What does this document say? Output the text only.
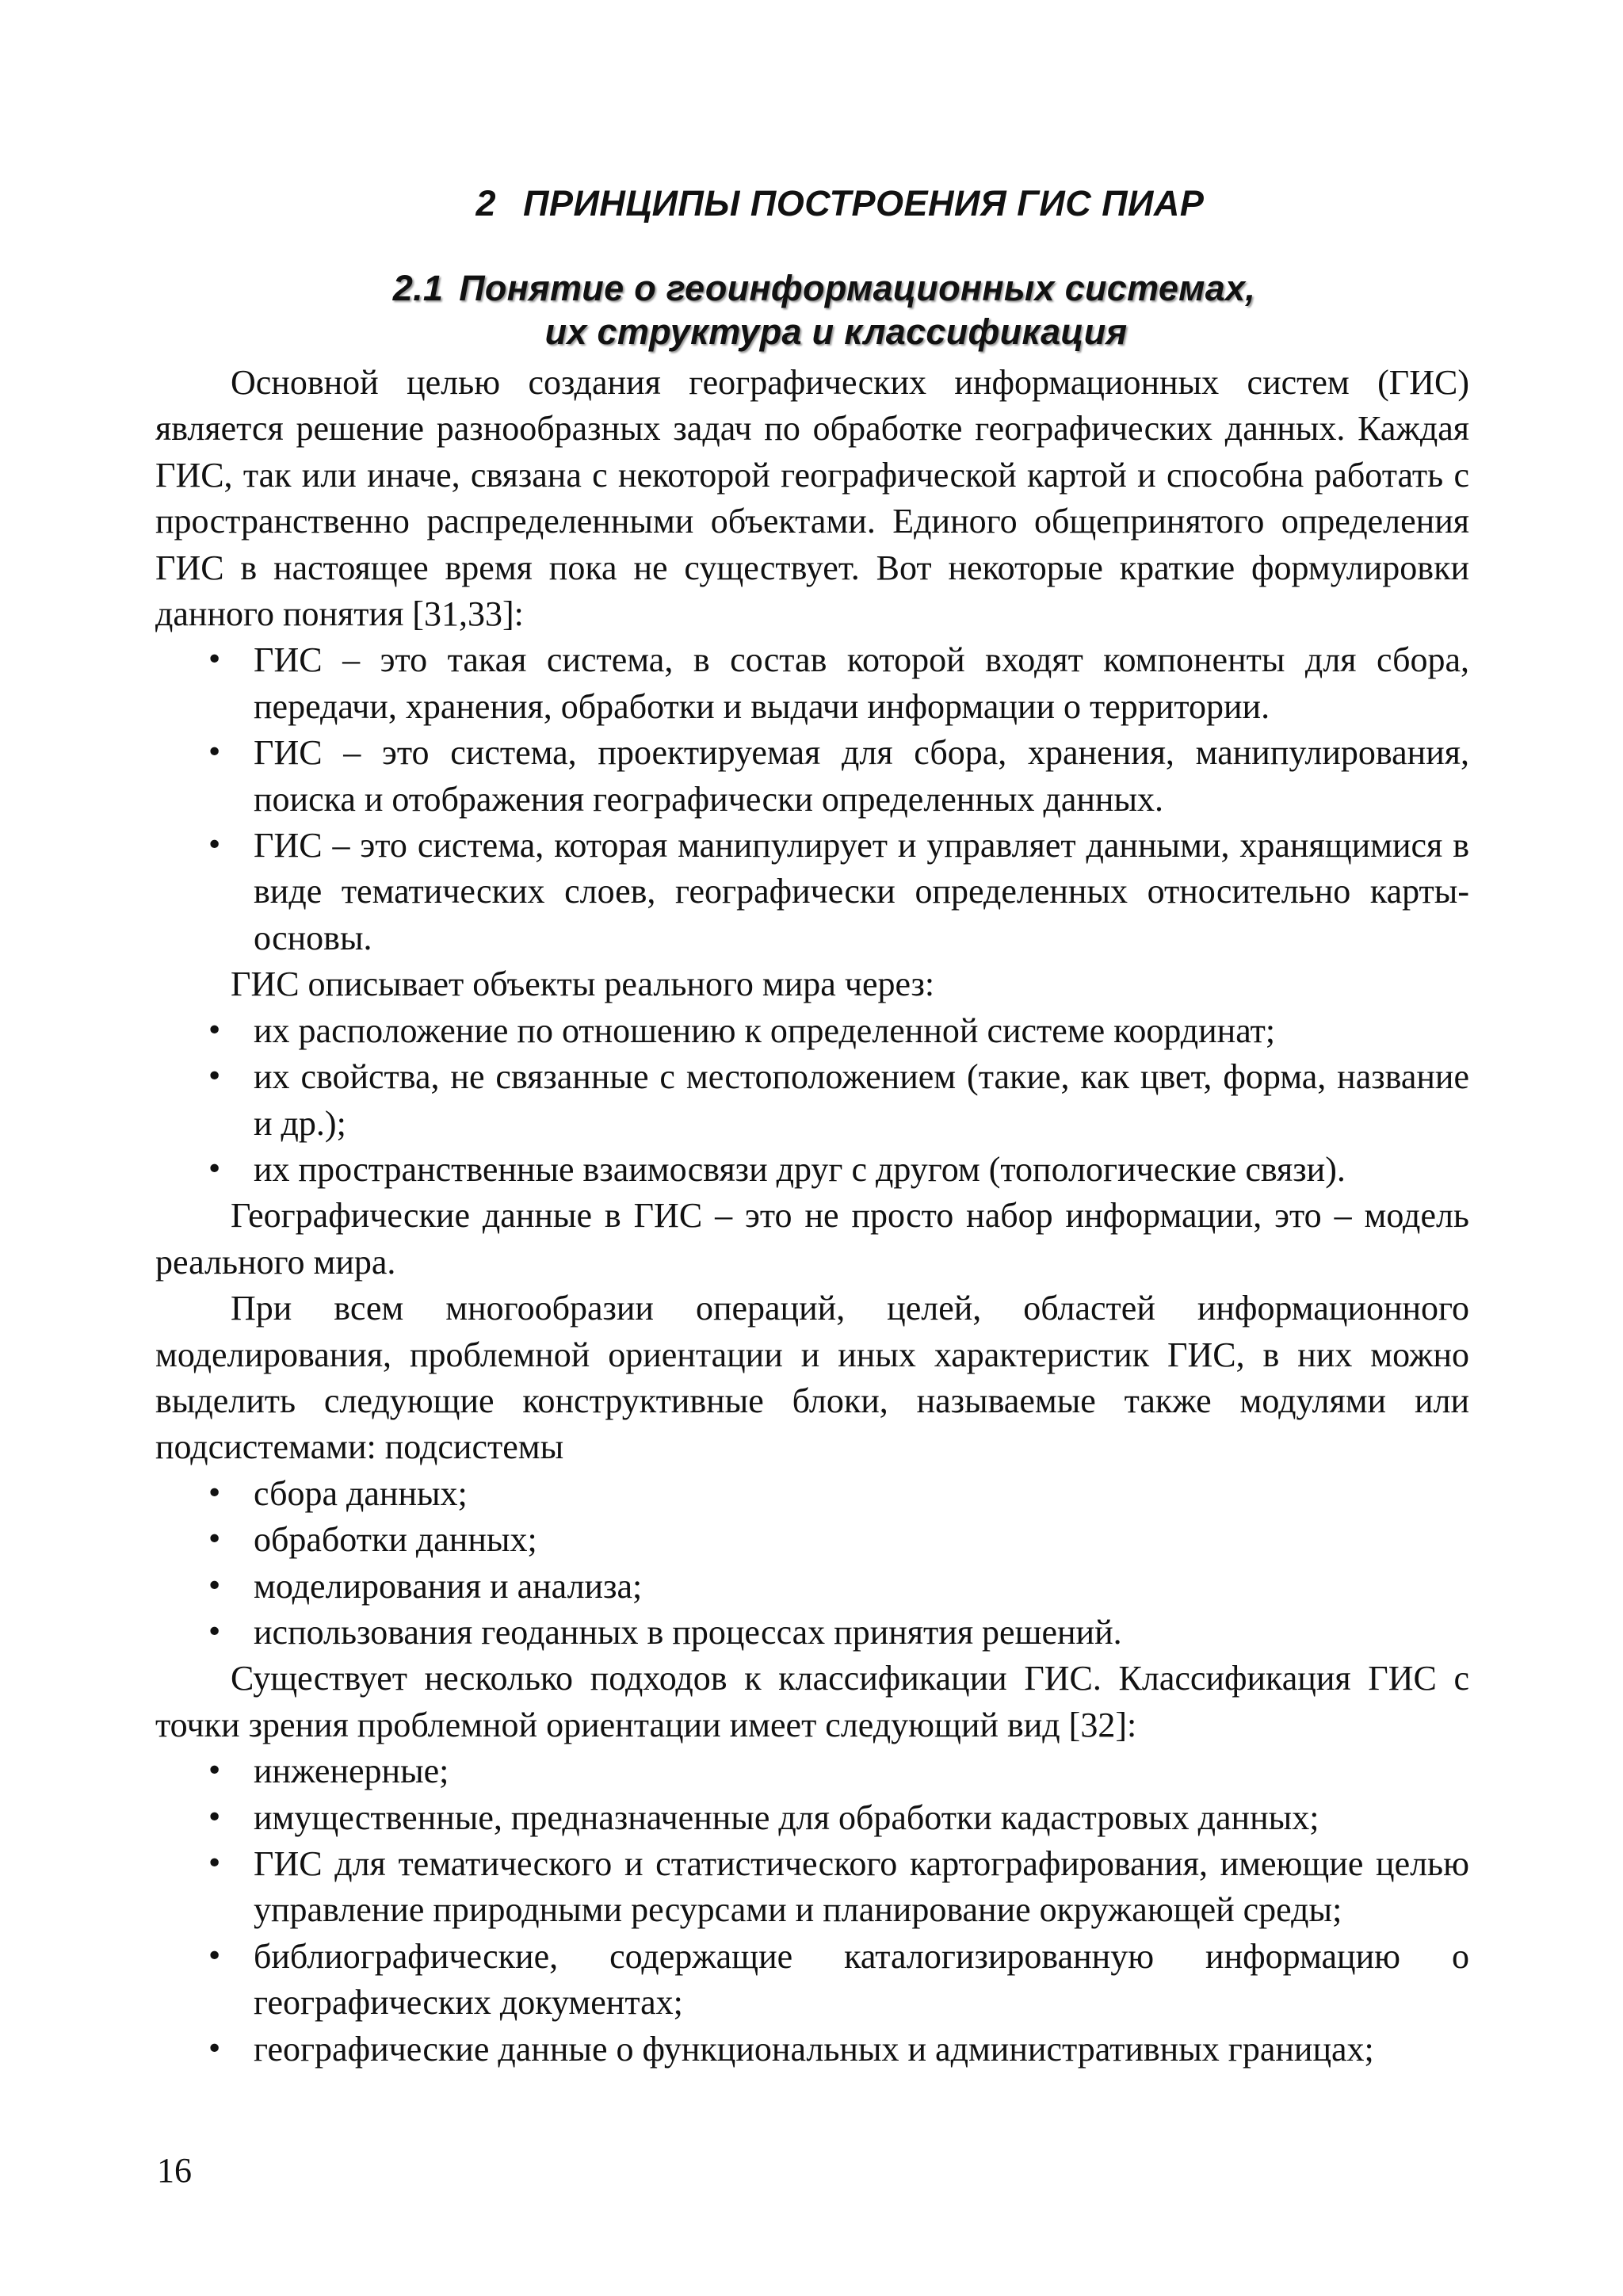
2 ПРИНЦИПЫ ПОСТРОЕНИЯ ГИС ПИАР
2.1 Понятие о геоинформационных системах,
их структура и классификация

Основной целью создания географических информационных систем (ГИС) является решение разнообразных задач по обработке географических данных. Каждая ГИС, так или иначе, связана с некоторой географической картой и способна работать с пространственно распределенными объектами. Единого общепринятого определения ГИС в настоящее время пока не существует. Вот некоторые краткие формулировки данного понятия [31,33]:

• ГИС – это такая система, в состав которой входят компоненты для сбора, передачи, хранения, обработки и выдачи информации о территории.
• ГИС – это система, проектируемая для сбора, хранения, манипулирования, поиска и отображения географически определенных данных.
• ГИС – это система, которая манипулирует и управляет данными, хранящимися в виде тематических слоев, географически определенных относительно карты-основы.

ГИС описывает объекты реального мира через:

• их расположение по отношению к определенной системе координат;
• их свойства, не связанные с местоположением (такие, как цвет, форма, название и др.);
• их пространственные взаимосвязи друг с другом (топологические связи).

Географические данные в ГИС – это не просто набор информации, это – модель реального мира.

При всем многообразии операций, целей, областей информационного моделирования, проблемной ориентации и иных характеристик ГИС, в них можно выделить следующие конструктивные блоки, называемые также модулями или подсистемами: подсистемы

• сбора данных;
• обработки данных;
• моделирования и анализа;
• использования геоданных в процессах принятия решений.

Существует несколько подходов к классификации ГИС. Классификация ГИС с точки зрения проблемной ориентации имеет следующий вид [32]:

• инженерные;
• имущественные, предназначенные для обработки кадастровых данных;
• ГИС для тематического и статистического картографирования, имеющие целью управление природными ресурсами и планирование окружающей среды;
• библиографические, содержащие каталогизированную информацию о географических документах;
• географические данные о функциональных и административных границах;
16
